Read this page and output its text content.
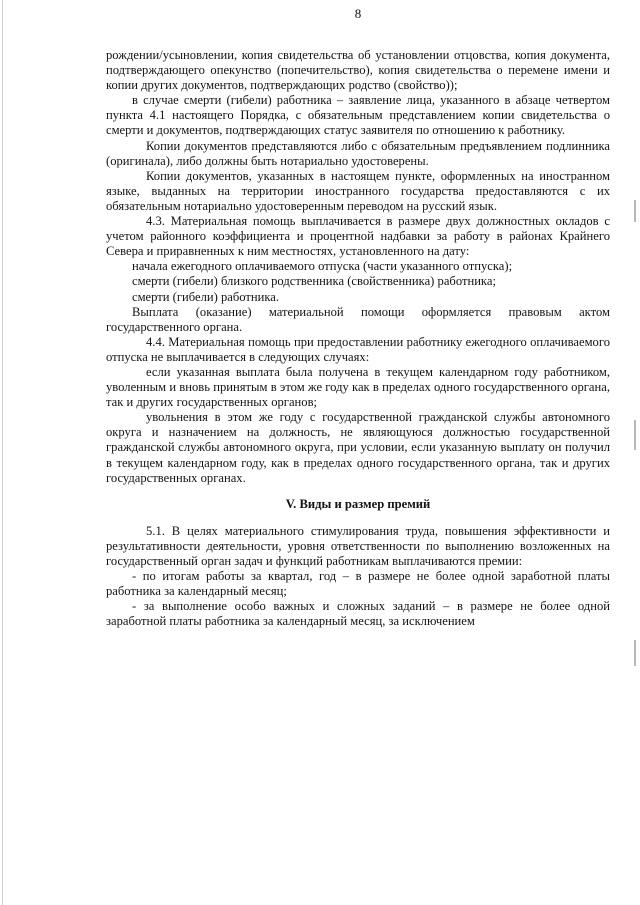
8

рождении/усыновлении, копия свидетельства об установлении отцовства, копия документа, подтверждающего опекунство (попечительство), копия свидетельства о перемене имени и копии других документов, подтверждающих родство (свойство));

в случае смерти (гибели) работника – заявление лица, указанного в абзаце четвертом пункта 4.1 настоящего Порядка, с обязательным представлением копии свидетельства о смерти и документов, подтверждающих статус заявителя по отношению к работнику.

Копии документов представляются либо с обязательным предъявлением подлинника (оригинала), либо должны быть нотариально удостоверены.

Копии документов, указанных в настоящем пункте, оформленных на иностранном языке, выданных на территории иностранного государства предоставляются с их обязательным нотариально удостоверенным переводом на русский язык.

4.3. Материальная помощь выплачивается в размере двух должностных окладов с учетом районного коэффициента и процентной надбавки за работу в районах Крайнего Севера и приравненных к ним местностях, установленного на дату:

начала ежегодного оплачиваемого отпуска (части указанного отпуска);

смерти (гибели) близкого родственника (свойственника) работника;

смерти (гибели) работника.

Выплата (оказание) материальной помощи оформляется правовым актом государственного органа.

4.4. Материальная помощь при предоставлении работнику ежегодного оплачиваемого отпуска не выплачивается в следующих случаях:

если указанная выплата была получена в текущем календарном году работником, уволенным и вновь принятым в этом же году как в пределах одного государственного органа, так и других государственных органов;

увольнения в этом же году с государственной гражданской службы автономного округа и назначением на должность, не являющуюся должностью государственной гражданской службы автономного округа, при условии, если указанную выплату он получил в текущем календарном году, как в пределах одного государственного органа, так и других государственных органах.

V. Виды и размер премий

5.1. В целях материального стимулирования труда, повышения эффективности и результативности деятельности, уровня ответственности по выполнению возложенных на государственный орган задач и функций работникам выплачиваются премии:

- по итогам работы за квартал, год – в размере не более одной заработной платы работника за календарный месяц;

- за выполнение особо важных и сложных заданий – в размере не более одной заработной платы работника за календарный месяц, за исключением
